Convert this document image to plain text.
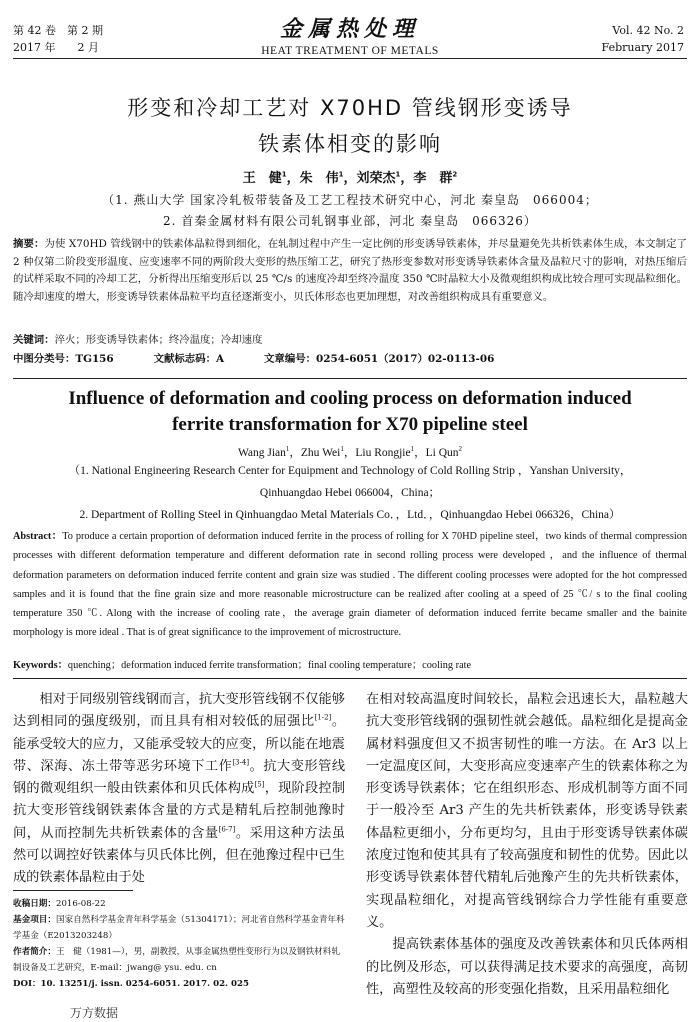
第 42 卷　第 2 期
2017 年　　2 月
金属热处理
HEAT TREATMENT OF METALS
Vol. 42 No. 2
February 2017
形变和冷却工艺对 X70HD 管线钢形变诱导
铁素体相变的影响
王　健$^1$，朱　伟$^1$，刘荣杰$^1$，李　群$^2$
（1. 燕山大学 国家冷轧板带装备及工艺工程技术研究中心，河北 秦皇岛　066004；
2. 首秦金属材料有限公司轧钢事业部，河北 秦皇岛　066326）
摘要：为使 X70HD 管线钢中的铁素体晶粒得到细化，在轧制过程中产生一定比例的形变诱导铁素体，并尽量避免先共析铁素体生成，本文制定了 2 种仅第二阶段变形温度、应变速率不同的两阶段大变形的热压缩工艺，研究了热形变参数对形变诱导铁素体含量及晶粒尺寸的影响，对热压缩后的试样采取不同的冷却工艺，分析得出压缩变形后以 25 ℃/s 的速度冷却至终冷温度 350 ℃时晶粒大小及微观组织构成比较合理可实现晶粒细化。随冷却速度的增大，形变诱导铁素体晶粒平均直径逐渐变小，贝氏体形态也更加理想，对改善组织构成具有重要意义。
关键词：淬火；形变诱导铁素体；终冷温度；冷却速度
中图分类号：TG156	文献标志码：A	文章编号：0254-6051（2017）02-0113-06
Influence of deformation and cooling process on deformation induced
ferrite transformation for X70 pipeline steel
Wang Jian$^1$，Zhu Wei$^1$，Liu Rongjie$^1$，Li Qun$^2$
（1. National Engineering Research Center for Equipment and Technology of Cold Rolling Strip ，Yanshan University，
Qinhuangdao Hebei 066004，China；
2. Department of Rolling Steel in Qinhuangdao Metal Materials Co．，Ltd．，Qinhuangdao Hebei 066326，China）
Abstract：To produce a certain proportion of deformation induced ferrite in the process of rolling for X 70HD pipeline steel，two kinds of thermal compression processes with different deformation temperature and different deformation rate in second rolling process were developed ，and the influence of thermal deformation parameters on deformation induced ferrite content and grain size was studied . The different cooling processes were adopted for the hot compressed samples and it is found that the fine grain size and more reasonable microstructure can be realized after cooling at a speed of 25 ℃/ s to the final cooling temperature 350 ℃. Along with the increase of cooling rate，the average grain diameter of deformation induced ferrite became smaller and the bainite morphology is more ideal . That is of great significance to the improvement of microstructure.
Keywords：quenching；deformation induced ferrite transformation；final cooling temperature；cooling rate

相对于同级别管线钢而言，抗大变形管线钢不仅能够达到相同的强度级别，而且具有相对较低的屈强比[1-2]。能承受较大的应力，又能承受较大的应变，所以能在地震带、深海、冻土带等恶劣环境下工作[3-4]。抗大变形管线钢的微观组织一般由铁素体和贝氏体构成[5]，现阶段控制抗大变形管线钢铁素体含量的方式是精轧后控制弛豫时间，从而控制先共析铁素体的含量[6-7]。采用这种方法虽然可以调控好铁素体与贝氏体比例，但在弛豫过程中已生成的铁素体晶粒由于处

在相对较高温度时间较长，晶粒会迅速长大，晶粒越大抗大变形管线钢的强韧性就会越低。晶粒细化是提高金属材料强度但又不损害韧性的唯一方法。在 Ar3 以上一定温度区间，大变形高应变速率产生的铁素体称之为形变诱导铁素体；它在组织形态、形成机制等方面不同于一般冷至 Ar3 产生的先共析铁素体，形变诱导铁素体晶粒更细小，分布更均匀，且由于形变诱导铁素体碳浓度过饱和使其具有了较高强度和韧性的优势。因此以形变诱导铁素体替代精轧后弛豫产生的先共析铁素体，实现晶粒细化，对提高管线钢综合力学性能有重要意义。

提高铁素体基体的强度及改善铁素体和贝氏体两相的比例及形态，可以获得满足技术要求的高强度，高韧性，高塑性及较高的形变强化指数，且采用晶粒细化

收稿日期：2016-08-22
基金项目：国家自然科学基金青年科学基金（51304171）；河北省自然科学基金青年科学基金（E2013203248）
作者简介：王　健（1981—），男，副教授，从事金属热塑性变形行为以及钢铁材料轧制设备及工艺研究，E-mail：jwang@ ysu. edu. cn
DOI：10. 13251/j. issn. 0254-6051. 2017. 02. 025
万方数据
